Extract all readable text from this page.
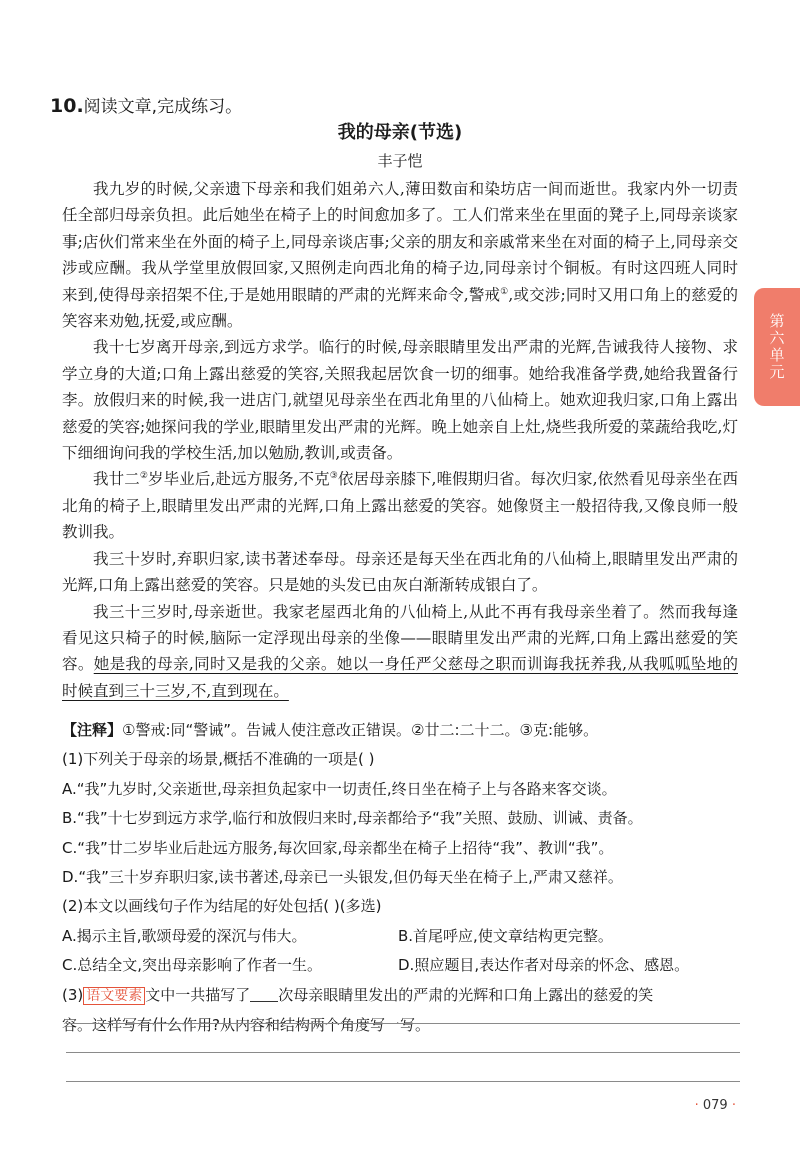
10.阅读文章,完成练习。
我的母亲(节选)
丰子恺

我九岁的时候,父亲遗下母亲和我们姐弟六人,薄田数亩和染坊店一间而逝世。我家内外一切责任全部归母亲负担。此后她坐在椅子上的时间愈加多了。工人们常来坐在里面的凳子上,同母亲谈家事;店伙们常来坐在外面的椅子上,同母亲谈店事;父亲的朋友和亲戚常来坐在对面的椅子上,同母亲交涉或应酬。我从学堂里放假回家,又照例走向西北角的椅子边,同母亲讨个铜板。有时这四班人同时来到,使得母亲招架不住,于是她用眼睛的严肃的光辉来命令,警戒①,或交涉;同时又用口角上的慈爱的笑容来劝勉,抚爱,或应酬。

我十七岁离开母亲,到远方求学。临行的时候,母亲眼睛里发出严肃的光辉,告诫我待人接物、求学立身的大道;口角上露出慈爱的笑容,关照我起居饮食一切的细事。她给我准备学费,她给我置备行李。放假归来的时候,我一进店门,就望见母亲坐在西北角里的八仙椅上。她欢迎我归家,口角上露出慈爱的笑容;她探问我的学业,眼睛里发出严肃的光辉。晚上她亲自上灶,烧些我所爱的菜蔬给我吃,灯下细细询问我的学校生活,加以勉励,教训,或责备。

我廿二②岁毕业后,赴远方服务,不克③依居母亲膝下,唯假期归省。每次归家,依然看见母亲坐在西北角的椅子上,眼睛里发出严肃的光辉,口角上露出慈爱的笑容。她像贤主一般招待我,又像良师一般教训我。

我三十岁时,弃职归家,读书著述奉母。母亲还是每天坐在西北角的八仙椅上,眼睛里发出严肃的光辉,口角上露出慈爱的笑容。只是她的头发已由灰白渐渐转成银白了。

我三十三岁时,母亲逝世。我家老屋西北角的八仙椅上,从此不再有我母亲坐着了。然而我每逢看见这只椅子的时候,脑际一定浮现出母亲的坐像——眼睛里发出严肃的光辉,口角上露出慈爱的笑容。她是我的母亲,同时又是我的父亲。她以一身任严父慈母之职而训诲我抚养我,从我呱呱坠地的时候直到三十三岁,不,直到现在。

【注释】①警戒:同“警诫”。告诫人使注意改正错误。②廿二:二十二。③克:能够。
(1)下列关于母亲的场景,概括不准确的一项是( )
A.“我”九岁时,父亲逝世,母亲担负起家中一切责任,终日坐在椅子上与各路来客交谈。
B.“我”十七岁到远方求学,临行和放假归来时,母亲都给予“我”关照、鼓励、训诫、责备。
C.“我”廿二岁毕业后赴远方服务,每次回家,母亲都坐在椅子上招待“我”、教训“我”。
D.“我”三十岁弃职归家,读书著述,母亲已一头银发,但仍每天坐在椅子上,严肃又慈祥。
(2)本文以画线句子作为结尾的好处包括( )(多选)
A.揭示主旨,歌颂母爱的深沉与伟大。	B.首尾呼应,使文章结构更完整。
C.总结全文,突出母亲影响了作者一生。	D.照应题目,表达作者对母亲的怀念、感恩。
(3) 语文要素 文中一共描写了 次母亲眼睛里发出的严肃的光辉和口角上露出的慈爱的笑
容。这样写有什么作用?从内容和结构两个角度写一写。
第六单元
· 079 ·
